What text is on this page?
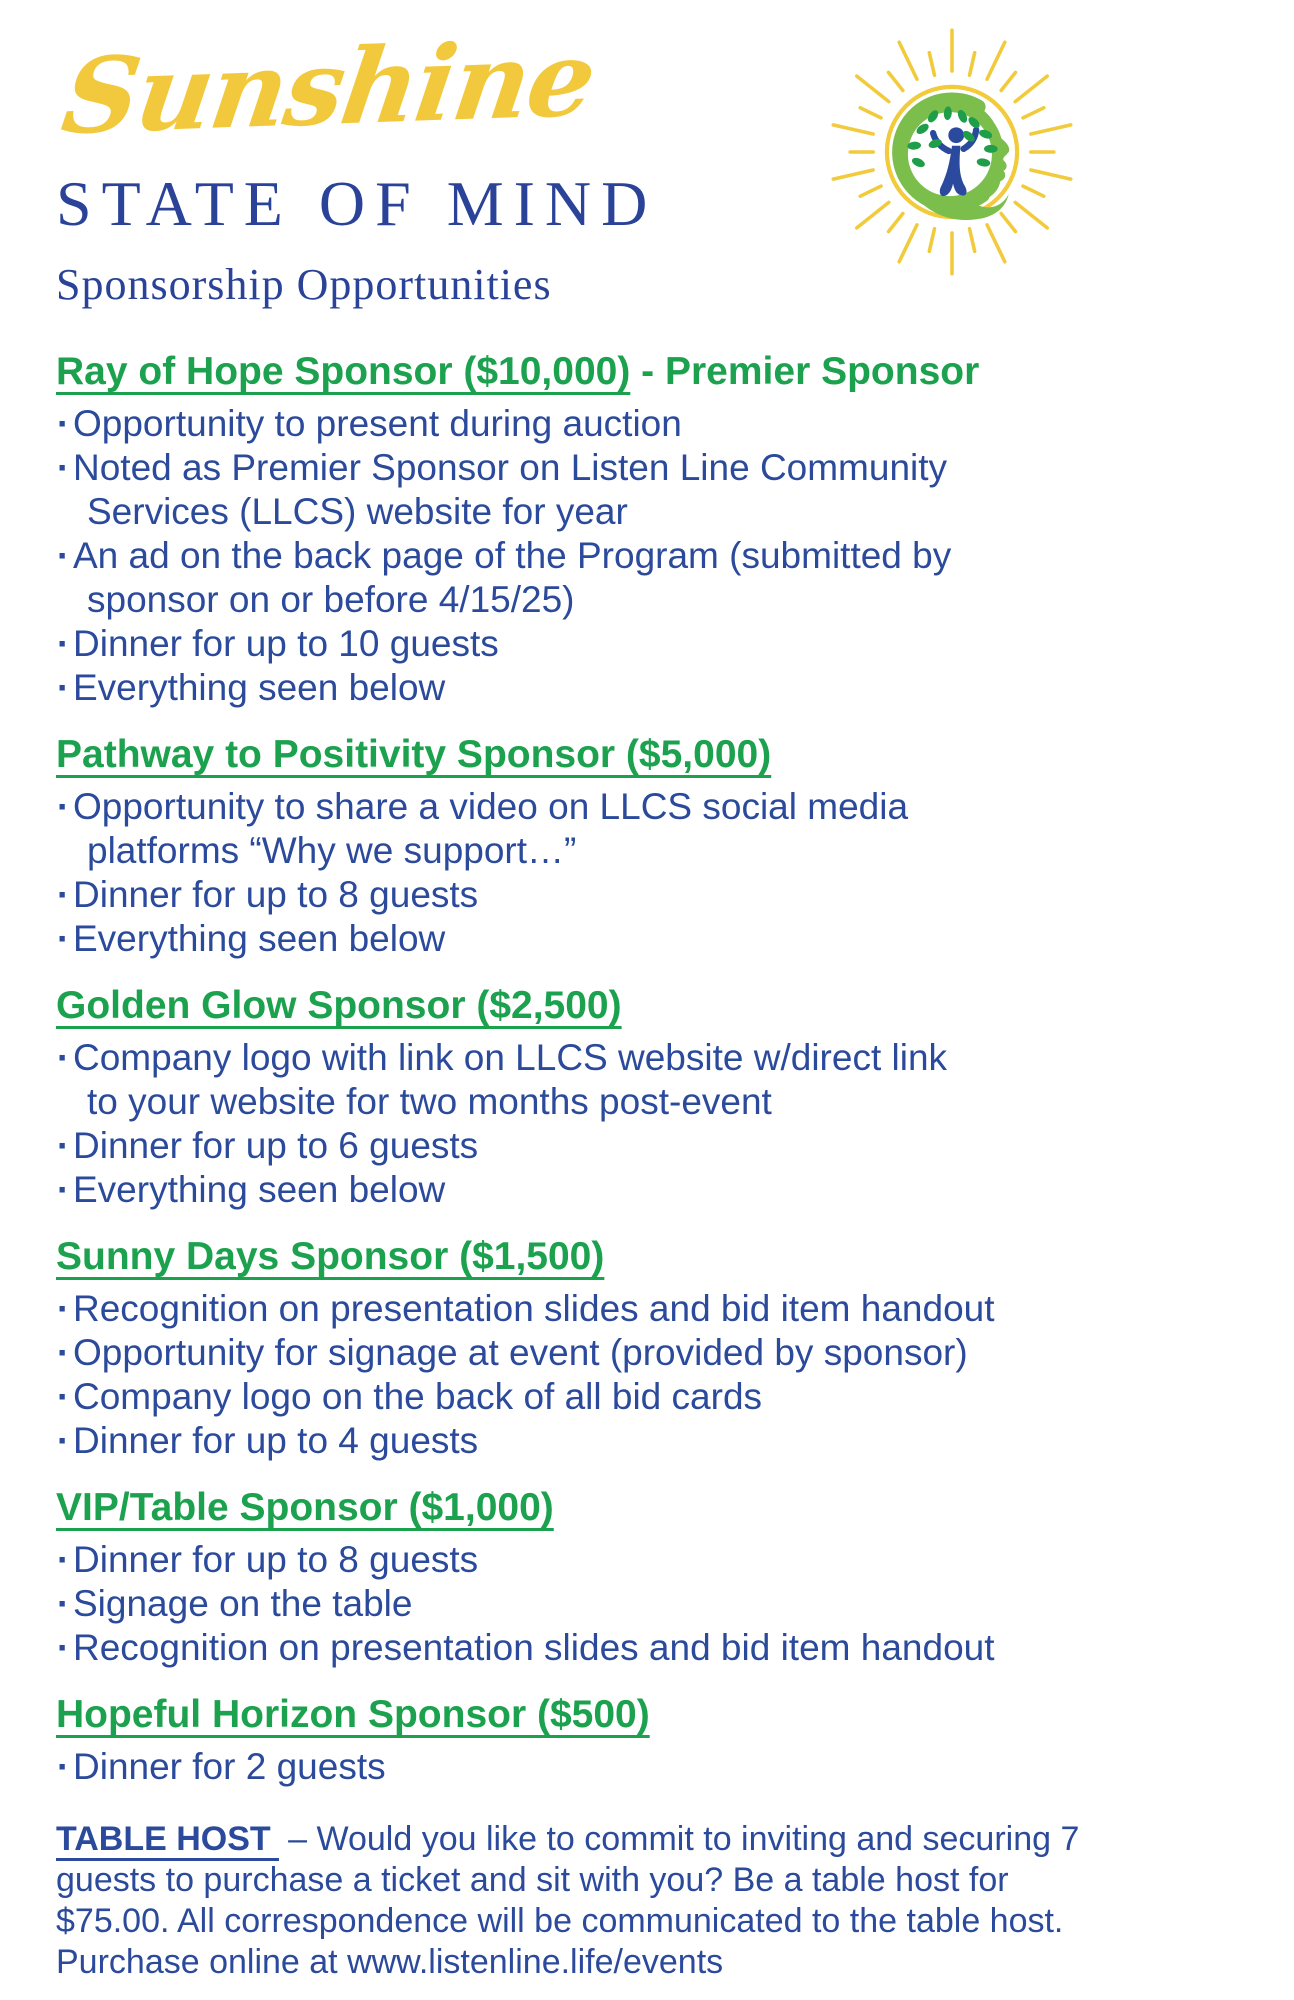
Sunshine
STATE OF MIND
Sponsorship Opportunities
Ray of Hope Sponsor ($10,000) - Premier Sponsor
· Opportunity to present during auction
· Noted as Premier Sponsor on Listen Line Community
Services (LLCS) website for year
· An ad on the back page of the Program (submitted by
sponsor on or before 4/15/25)
· Dinner for up to 10 guests
· Everything seen below
Pathway to Positivity Sponsor ($5,000)
· Opportunity to share a video on LLCS social media
platforms “Why we support…”
· Dinner for up to 8 guests
· Everything seen below
Golden Glow Sponsor ($2,500)
· Company logo with link on LLCS website w/direct link
to your website for two months post-event
· Dinner for up to 6 guests
· Everything seen below
Sunny Days Sponsor ($1,500)
· Recognition on presentation slides and bid item handout
· Opportunity for signage at event (provided by sponsor)
· Company logo on the back of all bid cards
· Dinner for up to 4 guests
VIP/Table Sponsor ($1,000)
· Dinner for up to 8 guests
· Signage on the table
· Recognition on presentation slides and bid item handout
Hopeful Horizon Sponsor ($500)
· Dinner for 2 guests

TABLE HOST – Would you like to commit to inviting and securing 7
guests to purchase a ticket and sit with you? Be a table host for
$75.00. All correspondence will be communicated to the table host.
Purchase online at www.listenline.life/events
